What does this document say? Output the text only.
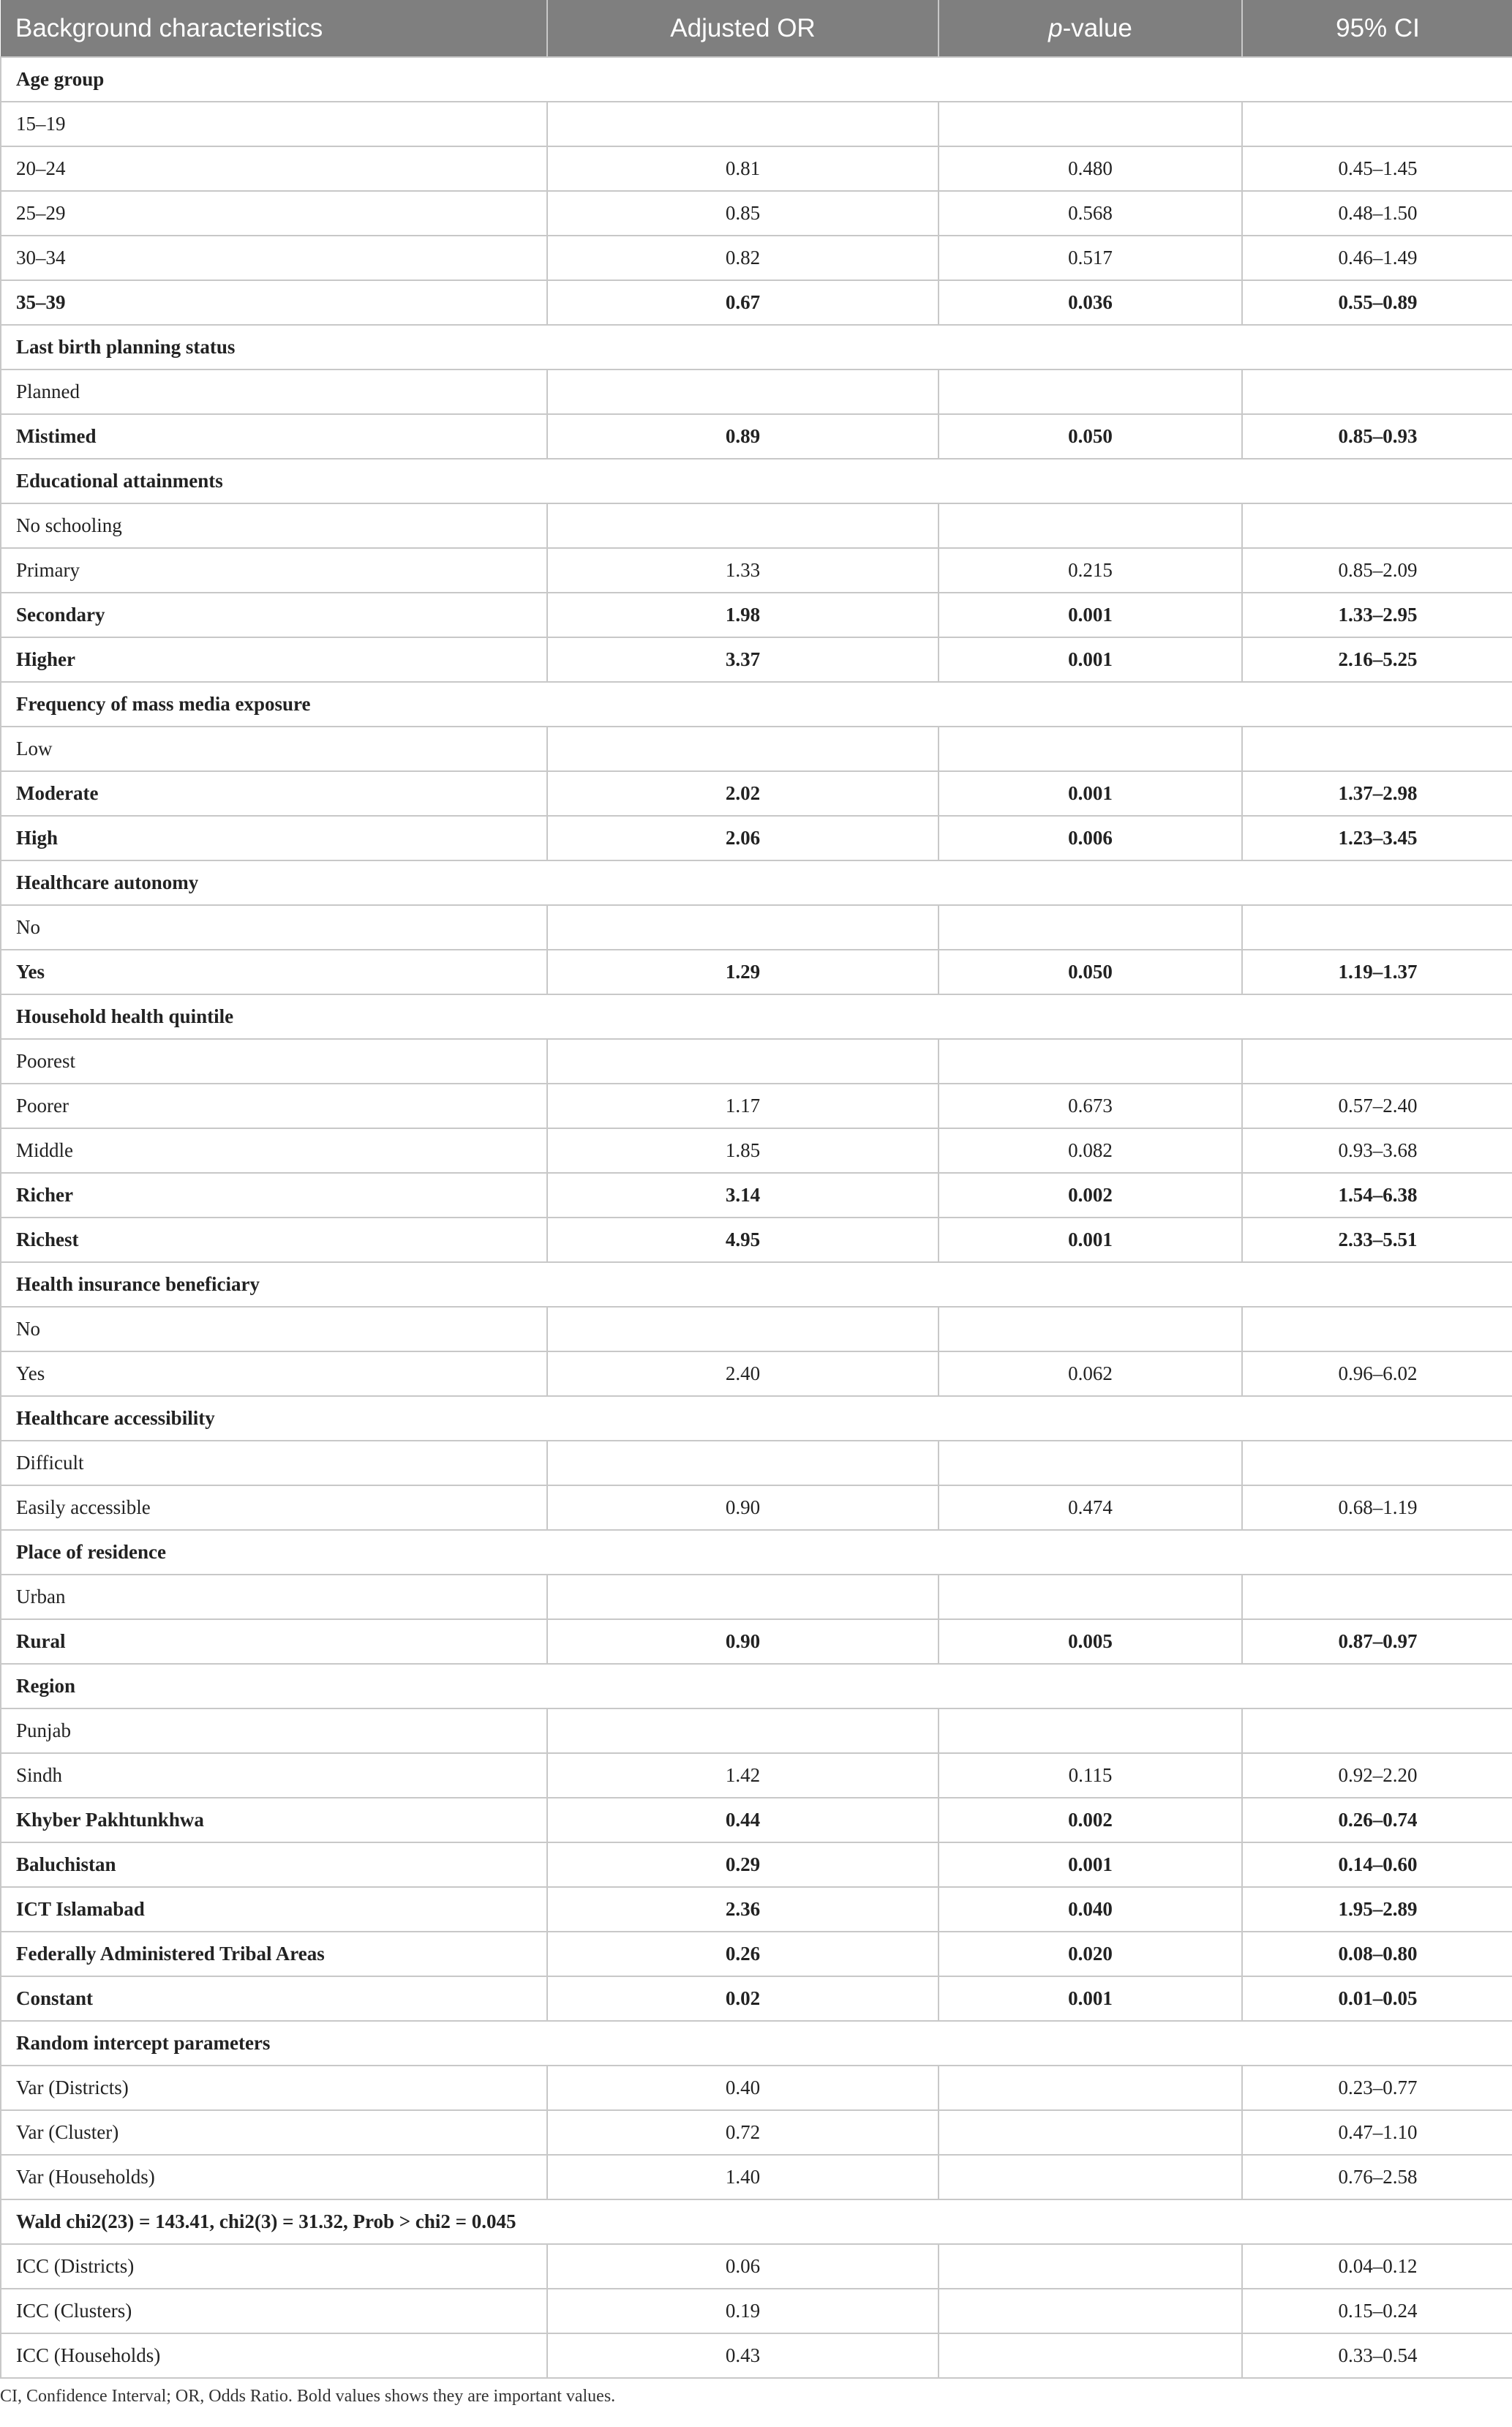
Background characteristics	Adjusted OR	p-value	95% CI
Age group			
15–19			
20–24	0.81	0.480	0.45–1.45
25–29	0.85	0.568	0.48–1.50
30–34	0.82	0.517	0.46–1.49
35–39	0.67	0.036	0.55–0.89
Last birth planning status			
Planned			
Mistimed	0.89	0.050	0.85–0.93
Educational attainments			
No schooling			
Primary	1.33	0.215	0.85–2.09
Secondary	1.98	0.001	1.33–2.95
Higher	3.37	0.001	2.16–5.25
Frequency of mass media exposure			
Low			
Moderate	2.02	0.001	1.37–2.98
High	2.06	0.006	1.23–3.45
Healthcare autonomy			
No			
Yes	1.29	0.050	1.19–1.37
Household health quintile			
Poorest			
Poorer	1.17	0.673	0.57–2.40
Middle	1.85	0.082	0.93–3.68
Richer	3.14	0.002	1.54–6.38
Richest	4.95	0.001	2.33–5.51
Health insurance beneficiary			
No			
Yes	2.40	0.062	0.96–6.02
Healthcare accessibility			
Difficult			
Easily accessible	0.90	0.474	0.68–1.19
Place of residence			
Urban			
Rural	0.90	0.005	0.87–0.97
Region			
Punjab			
Sindh	1.42	0.115	0.92–2.20
Khyber Pakhtunkhwa	0.44	0.002	0.26–0.74
Baluchistan	0.29	0.001	0.14–0.60
ICT Islamabad	2.36	0.040	1.95–2.89
Federally Administered Tribal Areas	0.26	0.020	0.08–0.80
Constant	0.02	0.001	0.01–0.05
Random intercept parameters			
Var (Districts)	0.40		0.23–0.77
Var (Cluster)	0.72		0.47–1.10
Var (Households)	1.40		0.76–2.58
Wald chi2(23) = 143.41, chi2(3) = 31.32, Prob > chi2 = 0.045			
ICC (Districts)	0.06		0.04–0.12
ICC (Clusters)	0.19		0.15–0.24
ICC (Households)	0.43		0.33–0.54
CI, Confidence Interval; OR, Odds Ratio. Bold values shows they are important values.
